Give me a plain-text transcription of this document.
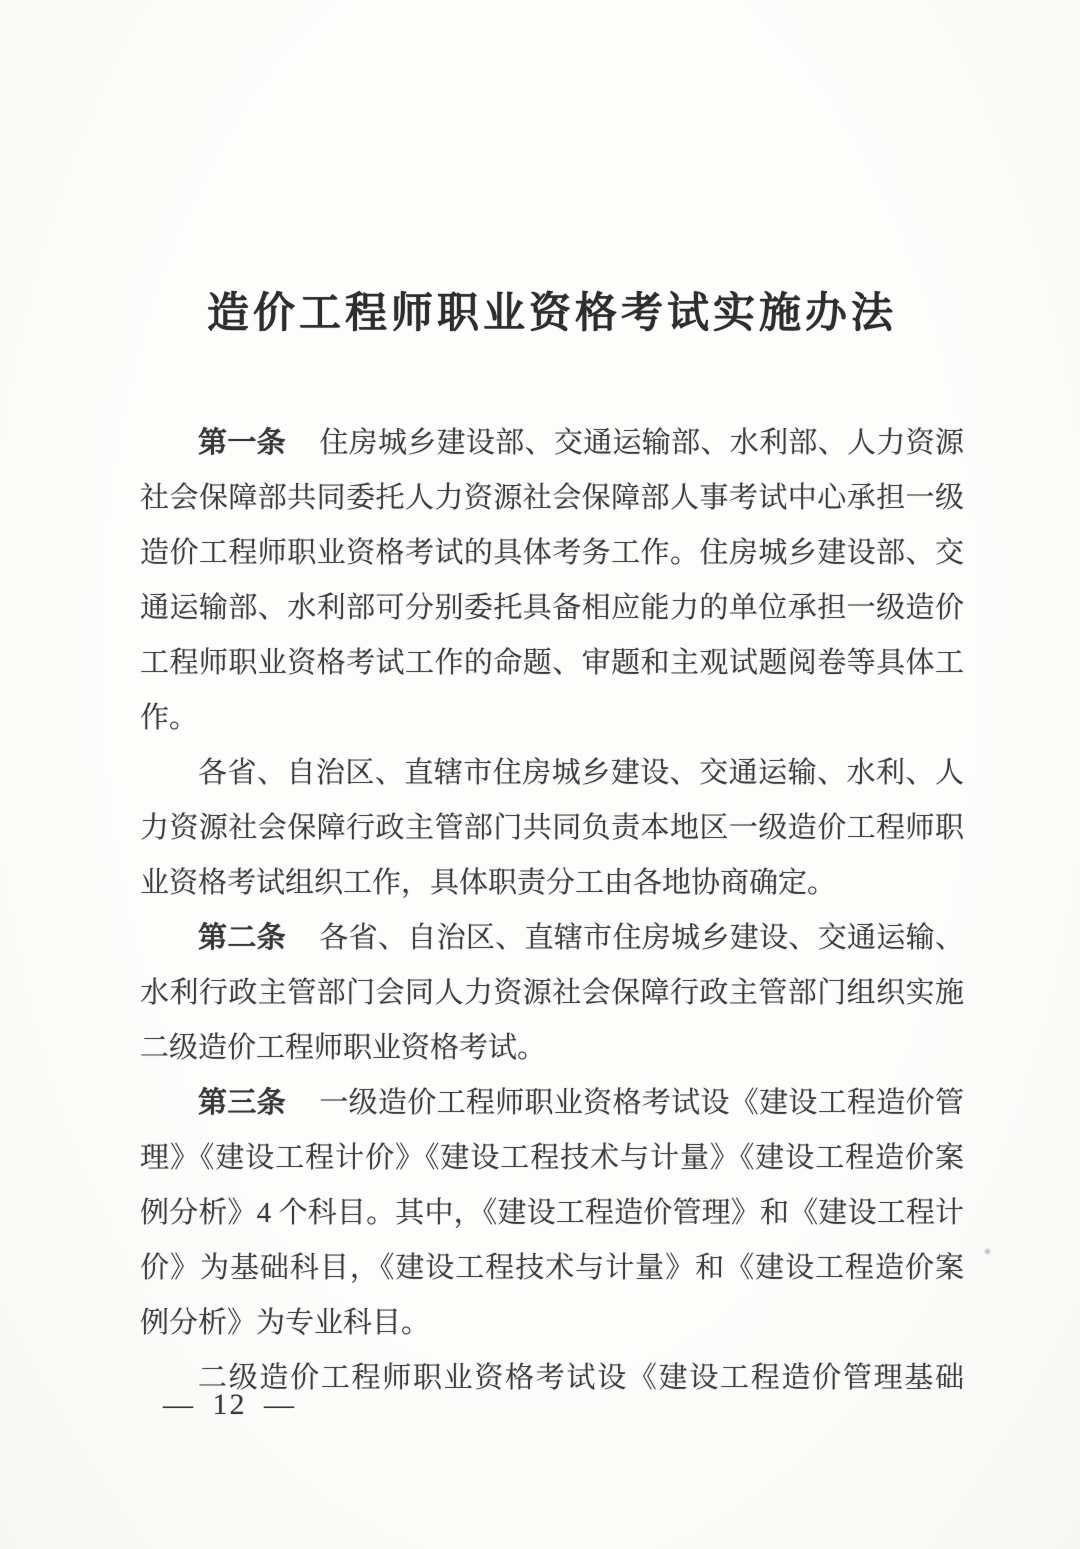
造价工程师职业资格考试实施办法

第一条 住房城乡建设部、交通运输部、水利部、人力资源社会保障部共同委托人力资源社会保障部人事考试中心承担一级造价工程师职业资格考试的具体考务工作。住房城乡建设部、交通运输部、水利部可分别委托具备相应能力的单位承担一级造价工程师职业资格考试工作的命题、审题和主观试题阅卷等具体工作。

各省、自治区、直辖市住房城乡建设、交通运输、水利、人力资源社会保障行政主管部门共同负责本地区一级造价工程师职业资格考试组织工作，具体职责分工由各地协商确定。

第二条 各省、自治区、直辖市住房城乡建设、交通运输、水利行政主管部门会同人力资源社会保障行政主管部门组织实施二级造价工程师职业资格考试。

第三条 一级造价工程师职业资格考试设《建设工程造价管理》《建设工程计价》《建设工程技术与计量》《建设工程造价案例分析》4 个科目。其中，《建设工程造价管理》和《建设工程计价》为基础科目，《建设工程技术与计量》和《建设工程造价案例分析》为专业科目。

二级造价工程师职业资格考试设《建设工程造价管理基础

— 12 —
